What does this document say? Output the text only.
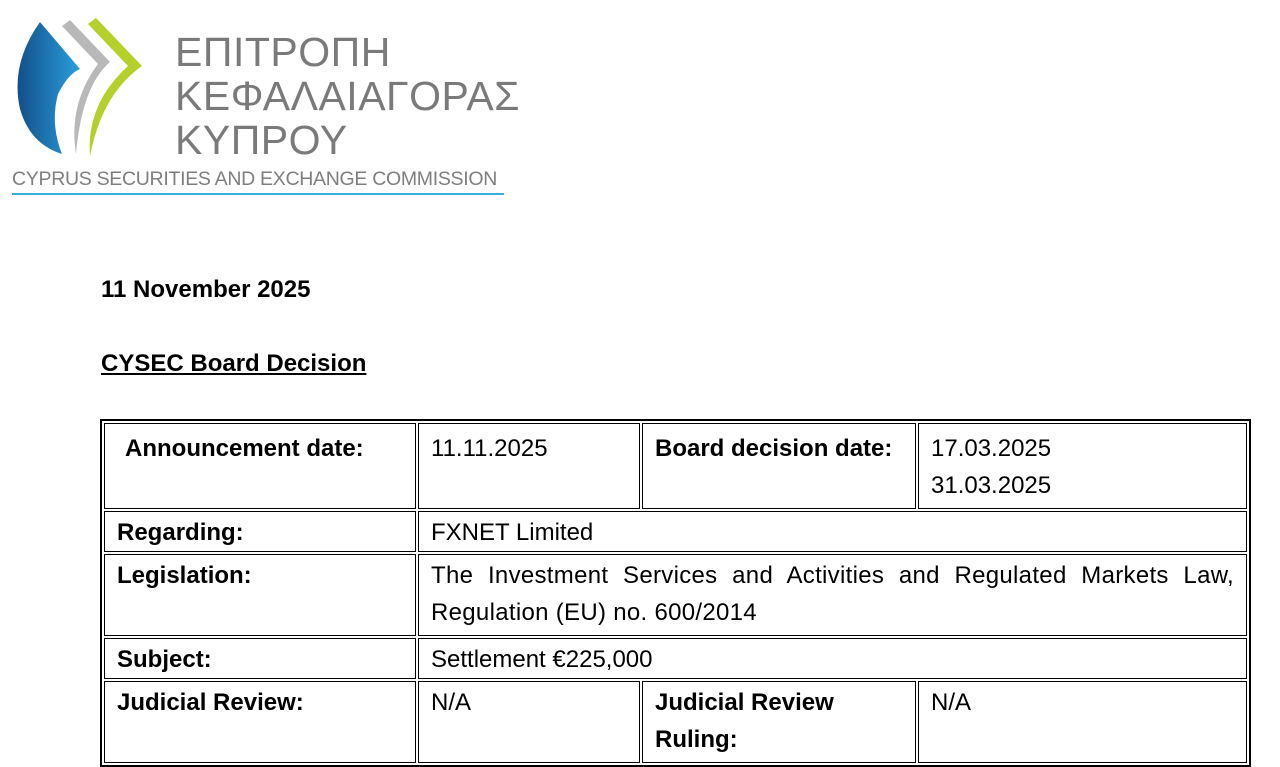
ΕΠΙΤΡΟΠΗ
ΚΕΦΑΛΑΙΑΓΟΡΑΣ
ΚΥΠΡΟΥ
CYPRUS SECURITIES AND EXCHANGE COMMISSION
11 November 2025
CYSEC Board Decision
Announcement date:	11.11.2025	Board decision date:	17.03.2025
31.03.2025

Regarding:	FXNET Limited		
Legislation:	The Investment Services and Activities and Regulated Markets Law, Regulation (EU) no. 600/2014		
Subject:	Settlement €225,000		
Judicial Review:	N/A	Judicial Review Ruling:	N/A
